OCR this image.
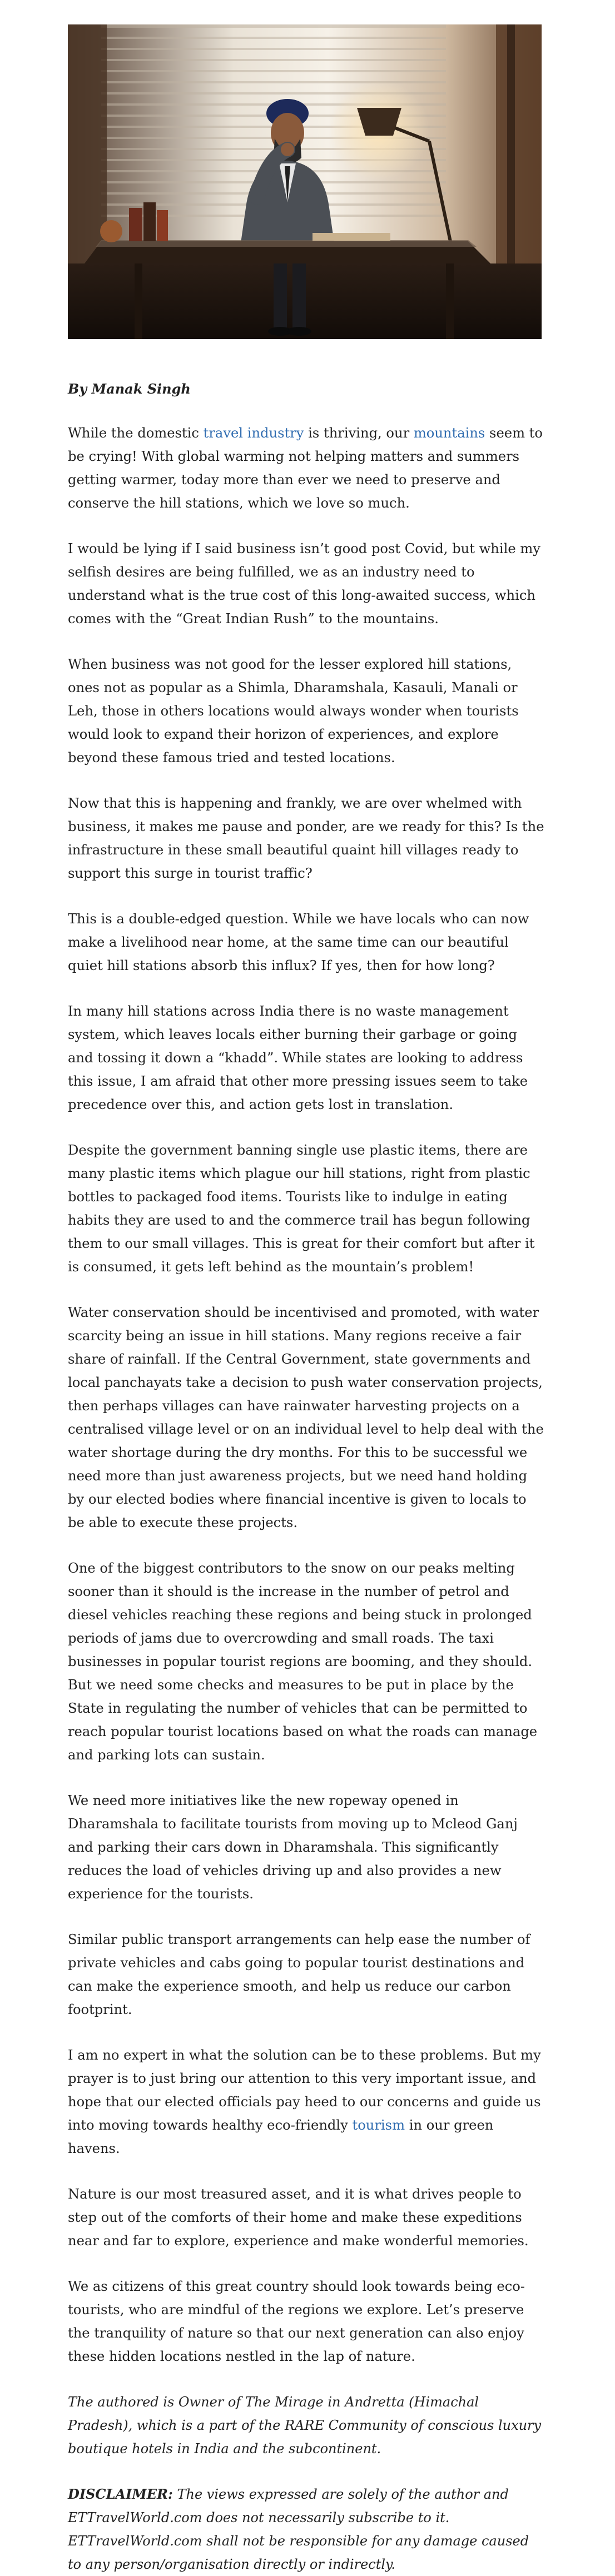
By Manak Singh

While the domestic travel industry is thriving, our mountains seem to be crying! With global warming not helping matters and summers getting warmer, today more than ever we need to preserve and conserve the hill stations, which we love so much.

I would be lying if I said business isn’t good post Covid, but while my selfish desires are being fulfilled, we as an industry need to understand what is the true cost of this long-awaited success, which comes with the “Great Indian Rush” to the mountains.

When business was not good for the lesser explored hill stations, ones not as popular as a Shimla, Dharamshala, Kasauli, Manali or Leh, those in others locations would always wonder when tourists would look to expand their horizon of experiences, and explore beyond these famous tried and tested locations.

Now that this is happening and frankly, we are over whelmed with business, it makes me pause and ponder, are we ready for this? Is the infrastructure in these small beautiful quaint hill villages ready to support this surge in tourist traffic?

This is a double-edged question. While we have locals who can now make a livelihood near home, at the same time can our beautiful quiet hill stations absorb this influx? If yes, then for how long?

In many hill stations across India there is no waste management system, which leaves locals either burning their garbage or going and tossing it down a “khadd”. While states are looking to address this issue, I am afraid that other more pressing issues seem to take precedence over this, and action gets lost in translation.

Despite the government banning single use plastic items, there are many plastic items which plague our hill stations, right from plastic bottles to packaged food items. Tourists like to indulge in eating habits they are used to and the commerce trail has begun following them to our small villages. This is great for their comfort but after it is consumed, it gets left behind as the mountain’s problem!

Water conservation should be incentivised and promoted, with water scarcity being an issue in hill stations. Many regions receive a fair share of rainfall. If the Central Government, state governments and local panchayats take a decision to push water conservation projects, then perhaps villages can have rainwater harvesting projects on a centralised village level or on an individual level to help deal with the water shortage during the dry months. For this to be successful we need more than just awareness projects, but we need hand holding by our elected bodies where financial incentive is given to locals to be able to execute these projects.

One of the biggest contributors to the snow on our peaks melting sooner than it should is the increase in the number of petrol and diesel vehicles reaching these regions and being stuck in prolonged periods of jams due to overcrowding and small roads. The taxi businesses in popular tourist regions are booming, and they should. But we need some checks and measures to be put in place by the State in regulating the number of vehicles that can be permitted to reach popular tourist locations based on what the roads can manage and parking lots can sustain.

We need more initiatives like the new ropeway opened in Dharamshala to facilitate tourists from moving up to Mcleod Ganj and parking their cars down in Dharamshala. This significantly reduces the load of vehicles driving up and also provides a new experience for the tourists.

Similar public transport arrangements can help ease the number of private vehicles and cabs going to popular tourist destinations and can make the experience smooth, and help us reduce our carbon footprint.

I am no expert in what the solution can be to these problems. But my prayer is to just bring our attention to this very important issue, and hope that our elected officials pay heed to our concerns and guide us into moving towards healthy eco-friendly tourism in our green havens.

Nature is our most treasured asset, and it is what drives people to step out of the comforts of their home and make these expeditions near and far to explore, experience and make wonderful memories.

We as citizens of this great country should look towards being eco-tourists, who are mindful of the regions we explore. Let’s preserve the tranquility of nature so that our next generation can also enjoy these hidden locations nestled in the lap of nature.

The authored is Owner of The Mirage in Andretta (Himachal Pradesh), which is a part of the RARE Community of conscious luxury boutique hotels in India and the subcontinent.

DISCLAIMER: The views expressed are solely of the author and ETTravelWorld.com does not necessarily subscribe to it. ETTravelWorld.com shall not be responsible for any damage caused to any person/organisation directly or indirectly.
